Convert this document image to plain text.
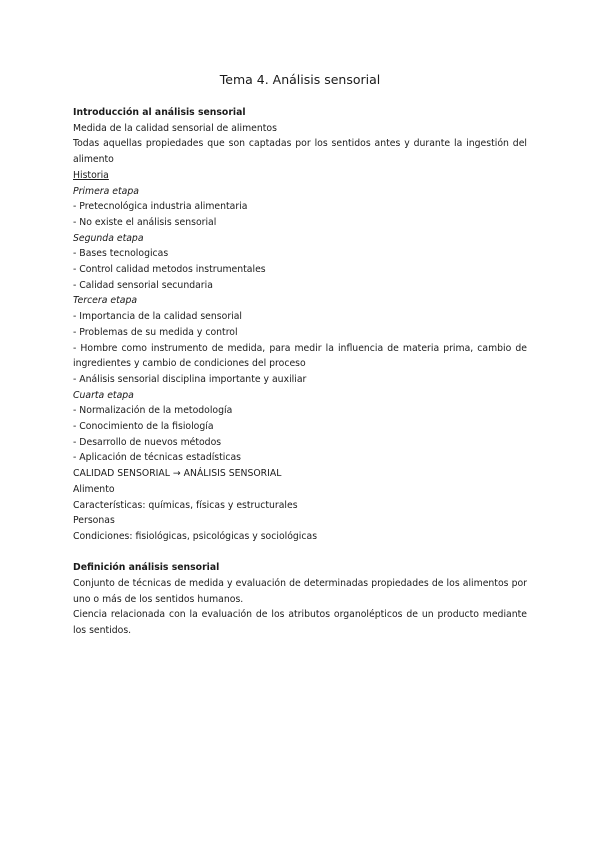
Tema 4. Análisis sensorial
Introducción al análisis sensorial
Medida de la calidad sensorial de alimentos
Todas aquellas propiedades que son captadas por los sentidos antes y durante la ingestión del alimento
Historia
Primera etapa
- Pretecnológica industria alimentaria
- No existe el análisis sensorial
Segunda etapa
- Bases tecnologicas
- Control calidad metodos instrumentales
- Calidad sensorial secundaria
Tercera etapa
- Importancia de la calidad sensorial
- Problemas de su medida y control
- Hombre como instrumento de medida, para medir la influencia de materia prima, cambio de ingredientes y cambio de condiciones del proceso
- Análisis sensorial disciplina importante y auxiliar
Cuarta etapa
- Normalización de la metodología
- Conocimiento de la fisiología
- Desarrollo de nuevos métodos
- Aplicación de técnicas estadísticas
CALIDAD SENSORIAL → ANÁLISIS SENSORIAL
Alimento
Características: químicas, físicas y estructurales
Personas
Condiciones: fisiológicas, psicológicas y sociológicas
Definición análisis sensorial
Conjunto de técnicas de medida y evaluación de determinadas propiedades de los alimentos por uno o más de los sentidos humanos.
Ciencia relacionada con la evaluación de los atributos organolépticos de un producto mediante los sentidos.
